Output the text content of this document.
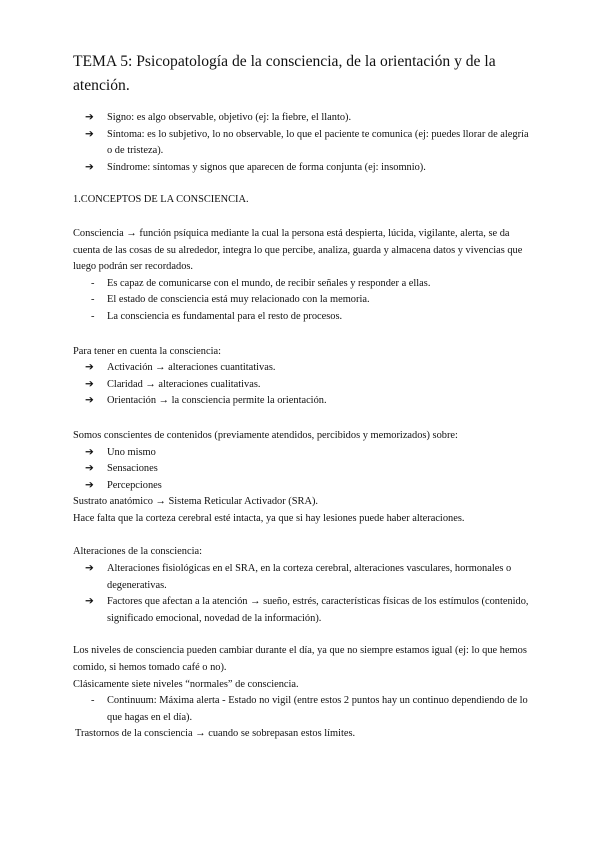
TEMA 5: Psicopatología de la consciencia, de la orientación y de la atención.
➔ Signo: es algo observable, objetivo (ej: la fiebre, el llanto).
➔ Síntoma: es lo subjetivo, lo no observable, lo que el paciente te comunica (ej: puedes llorar de alegría o de tristeza).
➔ Síndrome: síntomas y signos que aparecen de forma conjunta (ej: insomnio).

1.CONCEPTOS DE LA CONSCIENCIA.

Consciencia → función psíquica mediante la cual la persona está despierta, lúcida, vigilante, alerta, se da cuenta de las cosas de su alrededor, integra lo que percibe, analiza, guarda y almacena datos y vivencias que luego podrán ser recordados.

- Es capaz de comunicarse con el mundo, de recibir señales y responder a ellas.
- El estado de consciencia está muy relacionado con la memoria.
- La consciencia es fundamental para el resto de procesos.

Para tener en cuenta la consciencia:

➔ Activación → alteraciones cuantitativas.
➔ Claridad → alteraciones cualitativas.
➔ Orientación → la consciencia permite la orientación.

Somos conscientes de contenidos (previamente atendidos, percibidos y memorizados) sobre:

➔ Uno mismo
➔ Sensaciones
➔ Percepciones

Sustrato anatómico → Sistema Reticular Activador (SRA).

Hace falta que la corteza cerebral esté intacta, ya que si hay lesiones puede haber alteraciones.

Alteraciones de la consciencia:

➔ Alteraciones fisiológicas en el SRA, en la corteza cerebral, alteraciones vasculares, hormonales o degenerativas.
➔ Factores que afectan a la atención → sueño, estrés, características físicas de los estímulos (contenido, significado emocional, novedad de la información).

Los niveles de consciencia pueden cambiar durante el día, ya que no siempre estamos igual (ej: lo que hemos comido, si hemos tomado café o no).

Clásicamente siete niveles “normales” de consciencia.

- Continuum: Máxima alerta - Estado no vigil (entre estos 2 puntos hay un continuo dependiendo de lo que hagas en el día).

Trastornos de la consciencia → cuando se sobrepasan estos límites.
